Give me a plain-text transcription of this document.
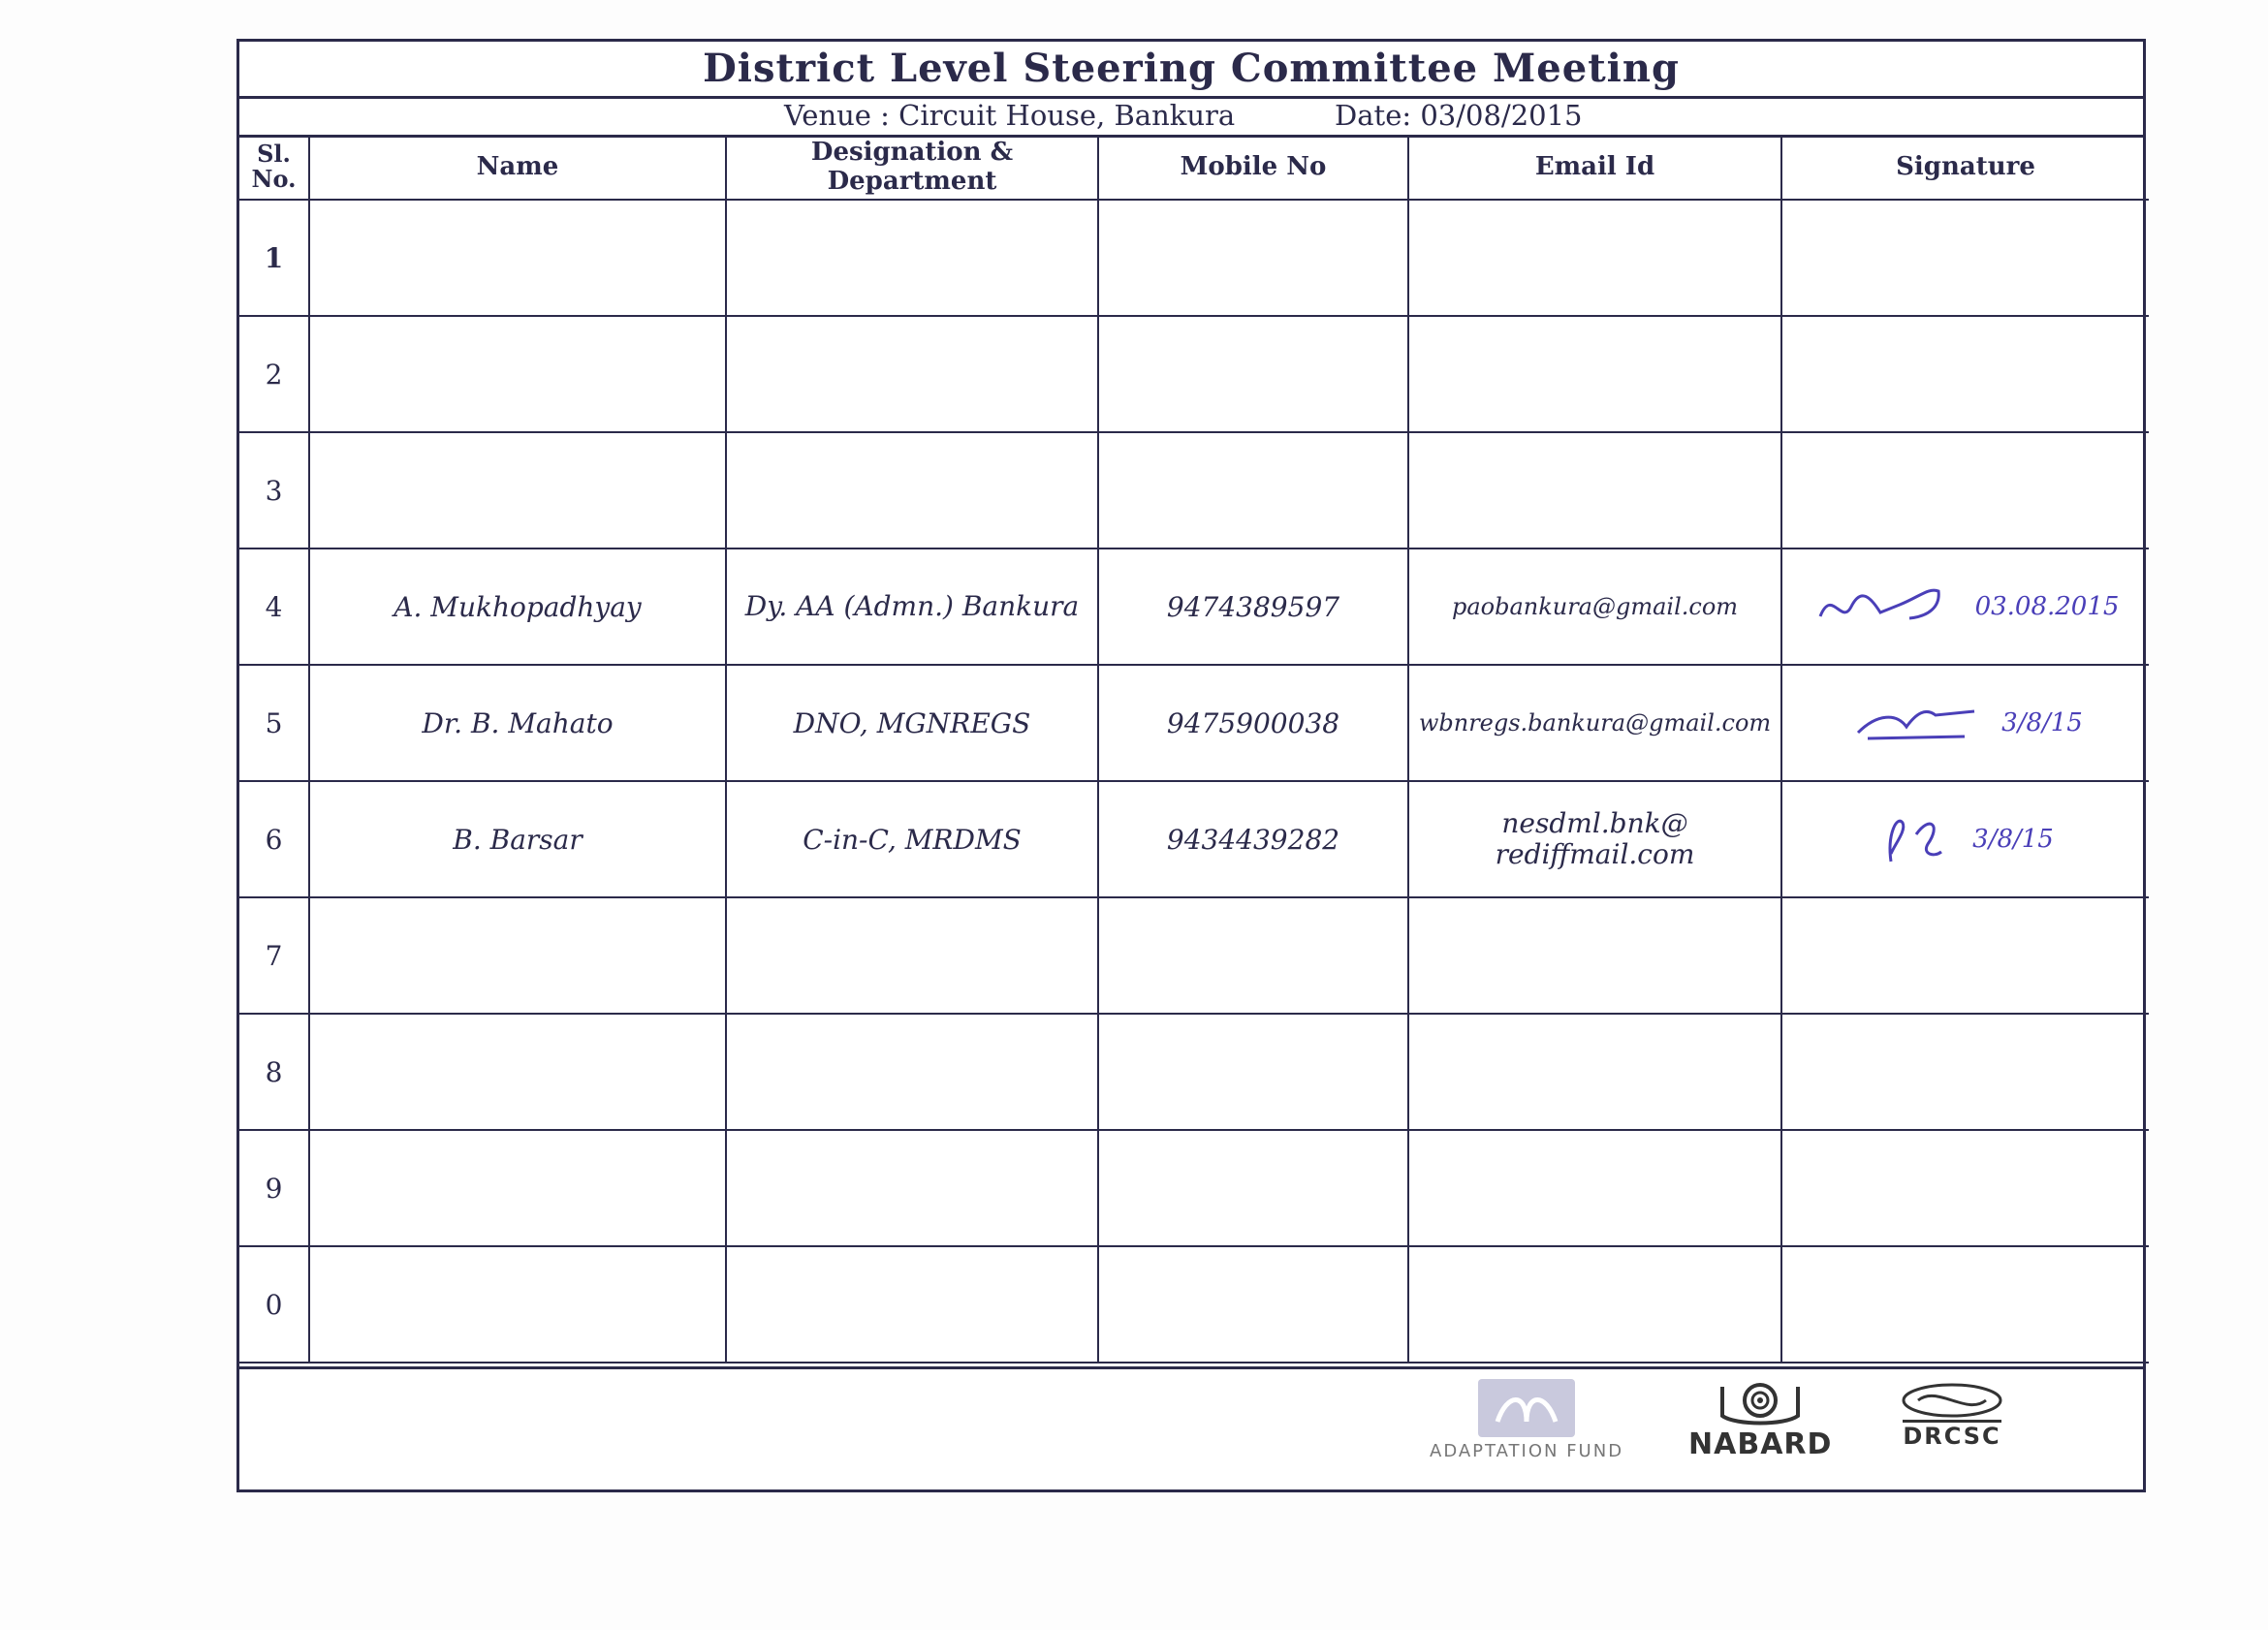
District Level Steering Committee Meeting
Venue : Circuit House, Bankura	Date: 03/08/2015
Sl. No.	Name	Designation & Department	Mobile No	Email Id	Signature
1					
2					
3					
4	A. Mukhopadhyay	Dy. AA (Admn.) Bankura	9474389597	paobankura@gmail.com	03.08.2015

5	Dr. B. Mahato	DNO, MGNREGS	9475900038	wbnregs.bankura@gmail.com	3/8/15

6	B. Barsar	C-in-C, MRDMS	9434439282	nesdml.bnk@ rediffmail.com	3/8/15

7					
8					
9					
0					
ADAPTATION FUND NABARD	DRCSC
